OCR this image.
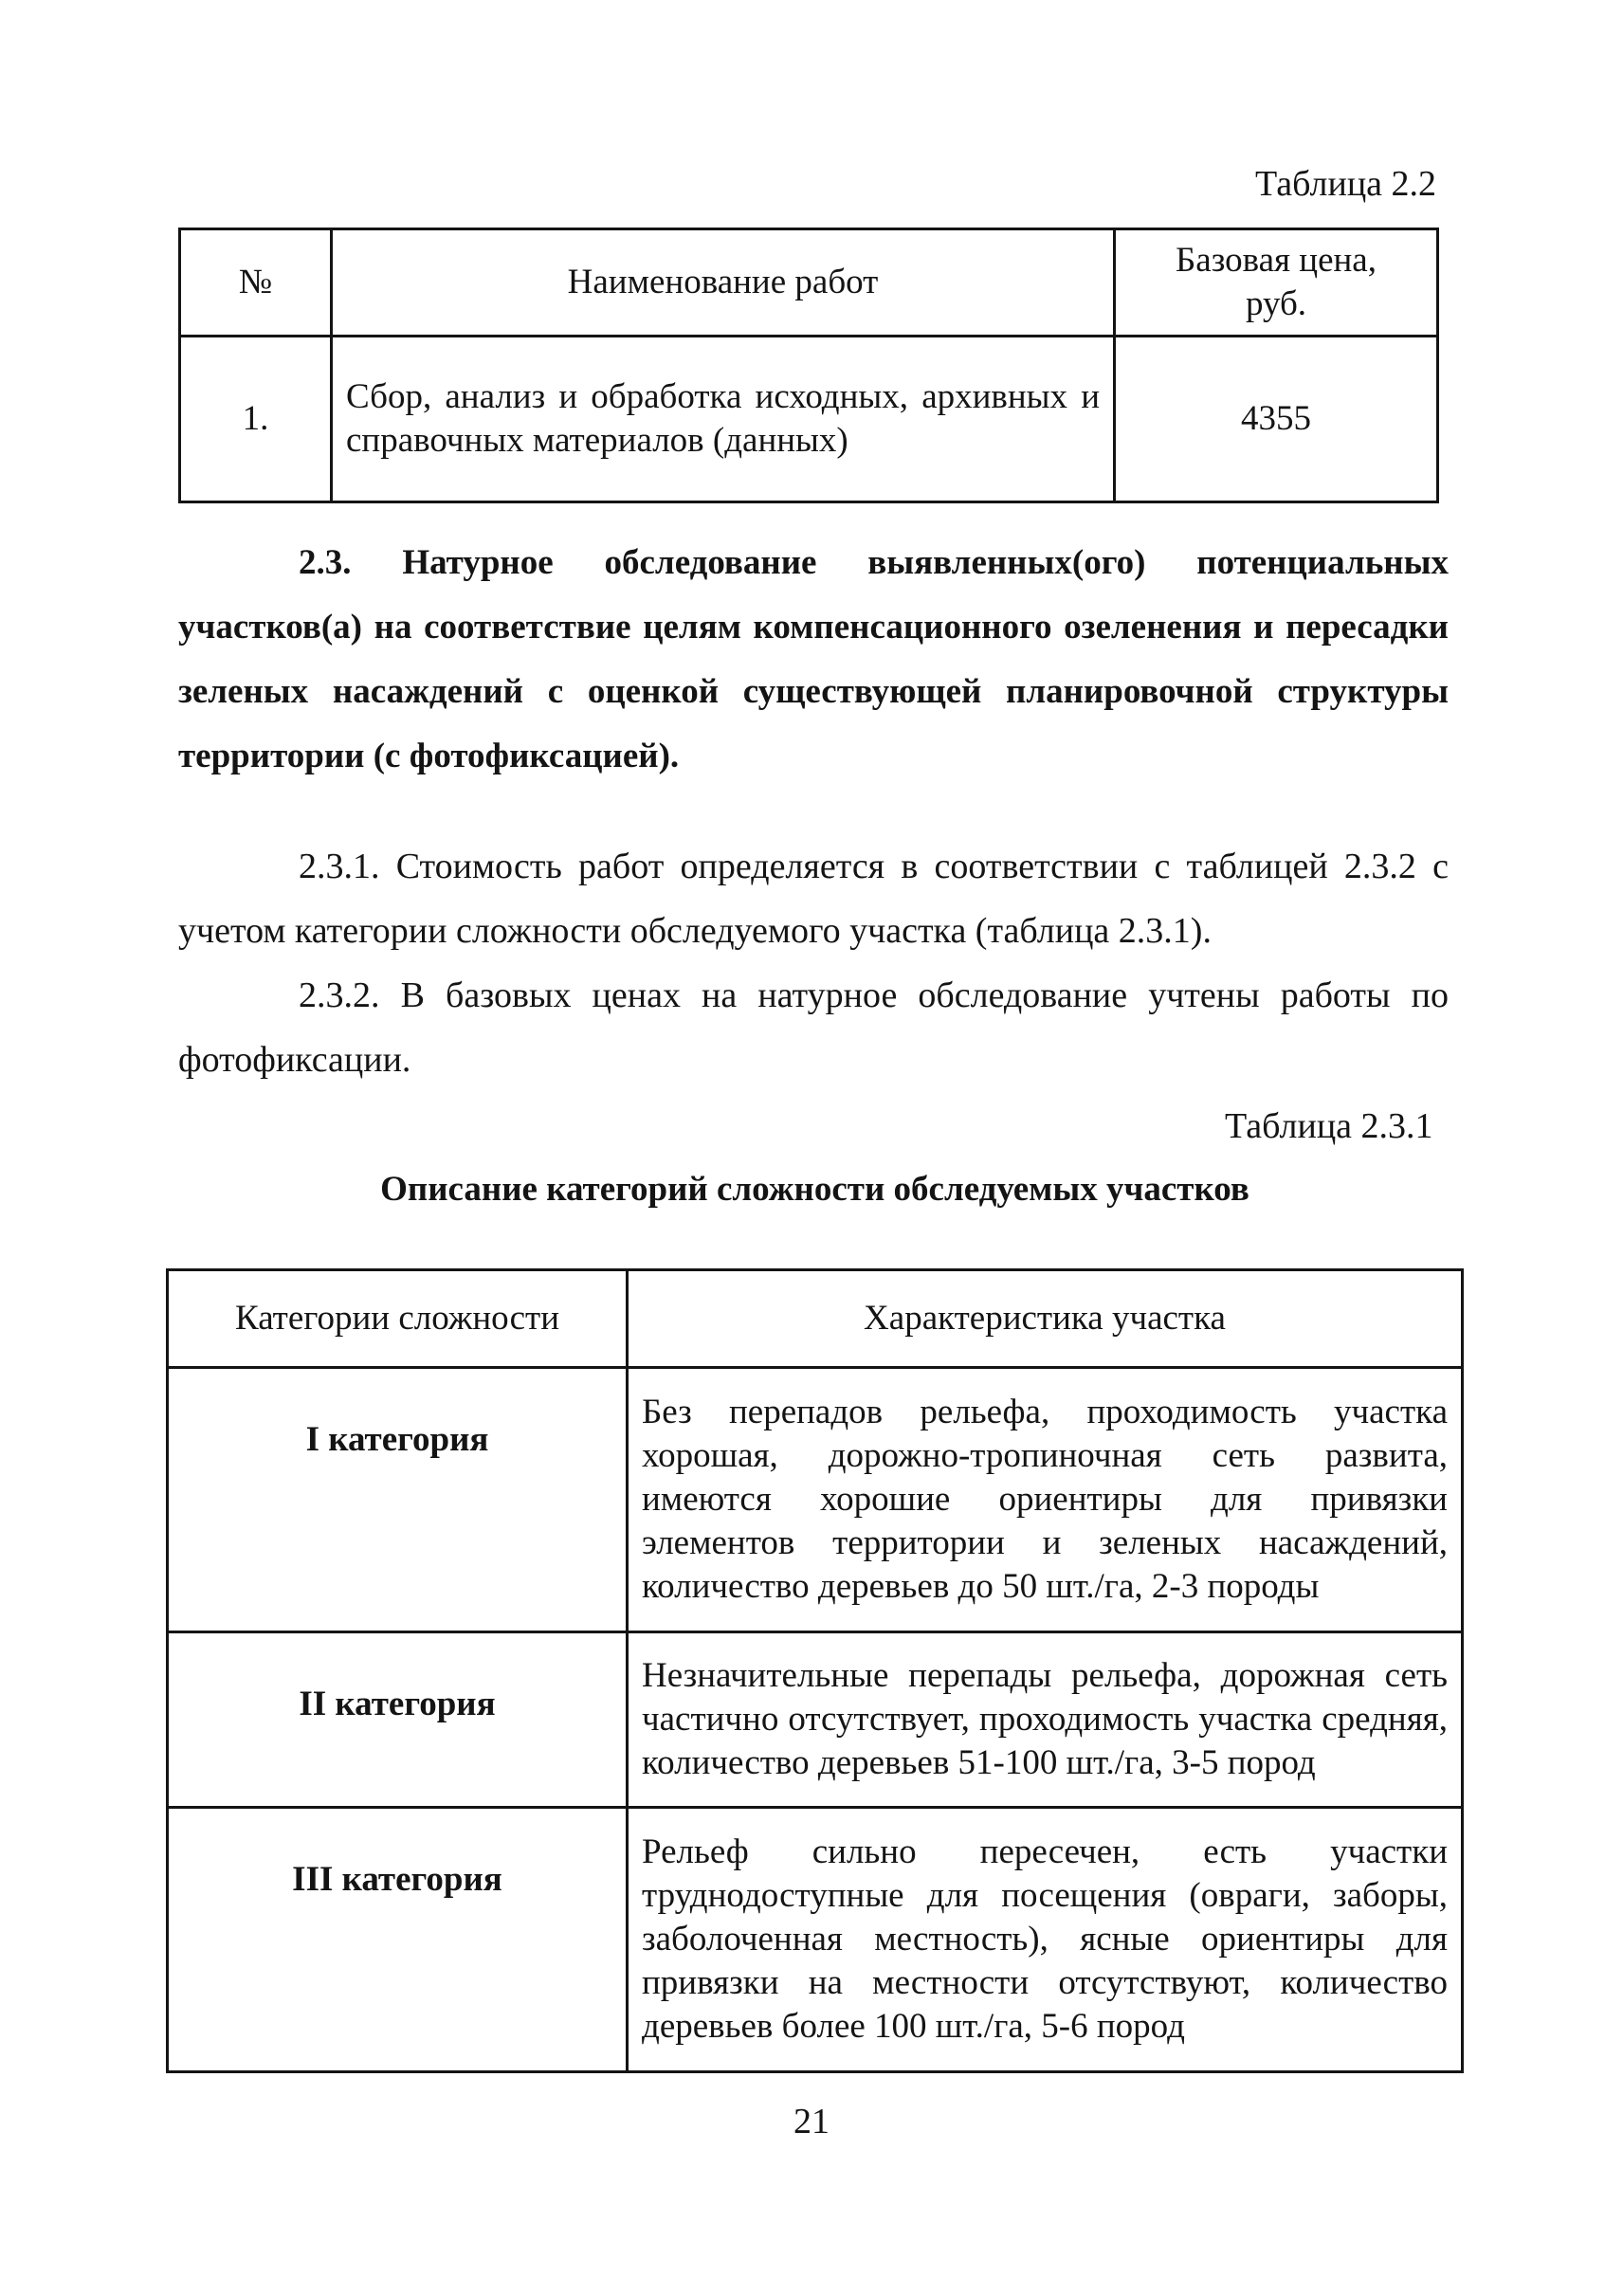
Таблица 2.2
№	Наименование работ	Базовая цена, руб.
1.	Сбор, анализ и обработка исходных, архивных и справочных материалов (данных)	4355
2.3. Натурное обследование выявленных(ого) потенциальных участков(а) на соответствие целям компенсационного озеленения и пересадки зеленых насаждений с оценкой существующей планировочной структуры территории (с фотофиксацией).
2.3.1. Стоимость работ определяется в соответствии с таблицей 2.3.2 с учетом категории сложности обследуемого участка (таблица 2.3.1).
2.3.2. В базовых ценах на натурное обследование учтены работы по фотофиксации.
Таблица 2.3.1
Описание категорий сложности обследуемых участков
Категории сложности	Характеристика участка
I категория	Без перепадов рельефа, проходимость участка хорошая, дорожно-тропиночная сеть развита, имеются хорошие ориентиры для привязки элементов территории и зеленых насаждений, количество деревьев до 50 шт./га, 2-3 породы
II категория	Незначительные перепады рельефа, дорожная сеть частично отсутствует, проходимость участка средняя, количество деревьев 51-100 шт./га, 3-5 пород
III категория	Рельеф сильно пересечен, есть участки труднодоступные для посещения (овраги, заборы, заболоченная местность), ясные ориентиры для привязки на местности отсутствуют, количество деревьев более 100 шт./га, 5-6 пород
21
